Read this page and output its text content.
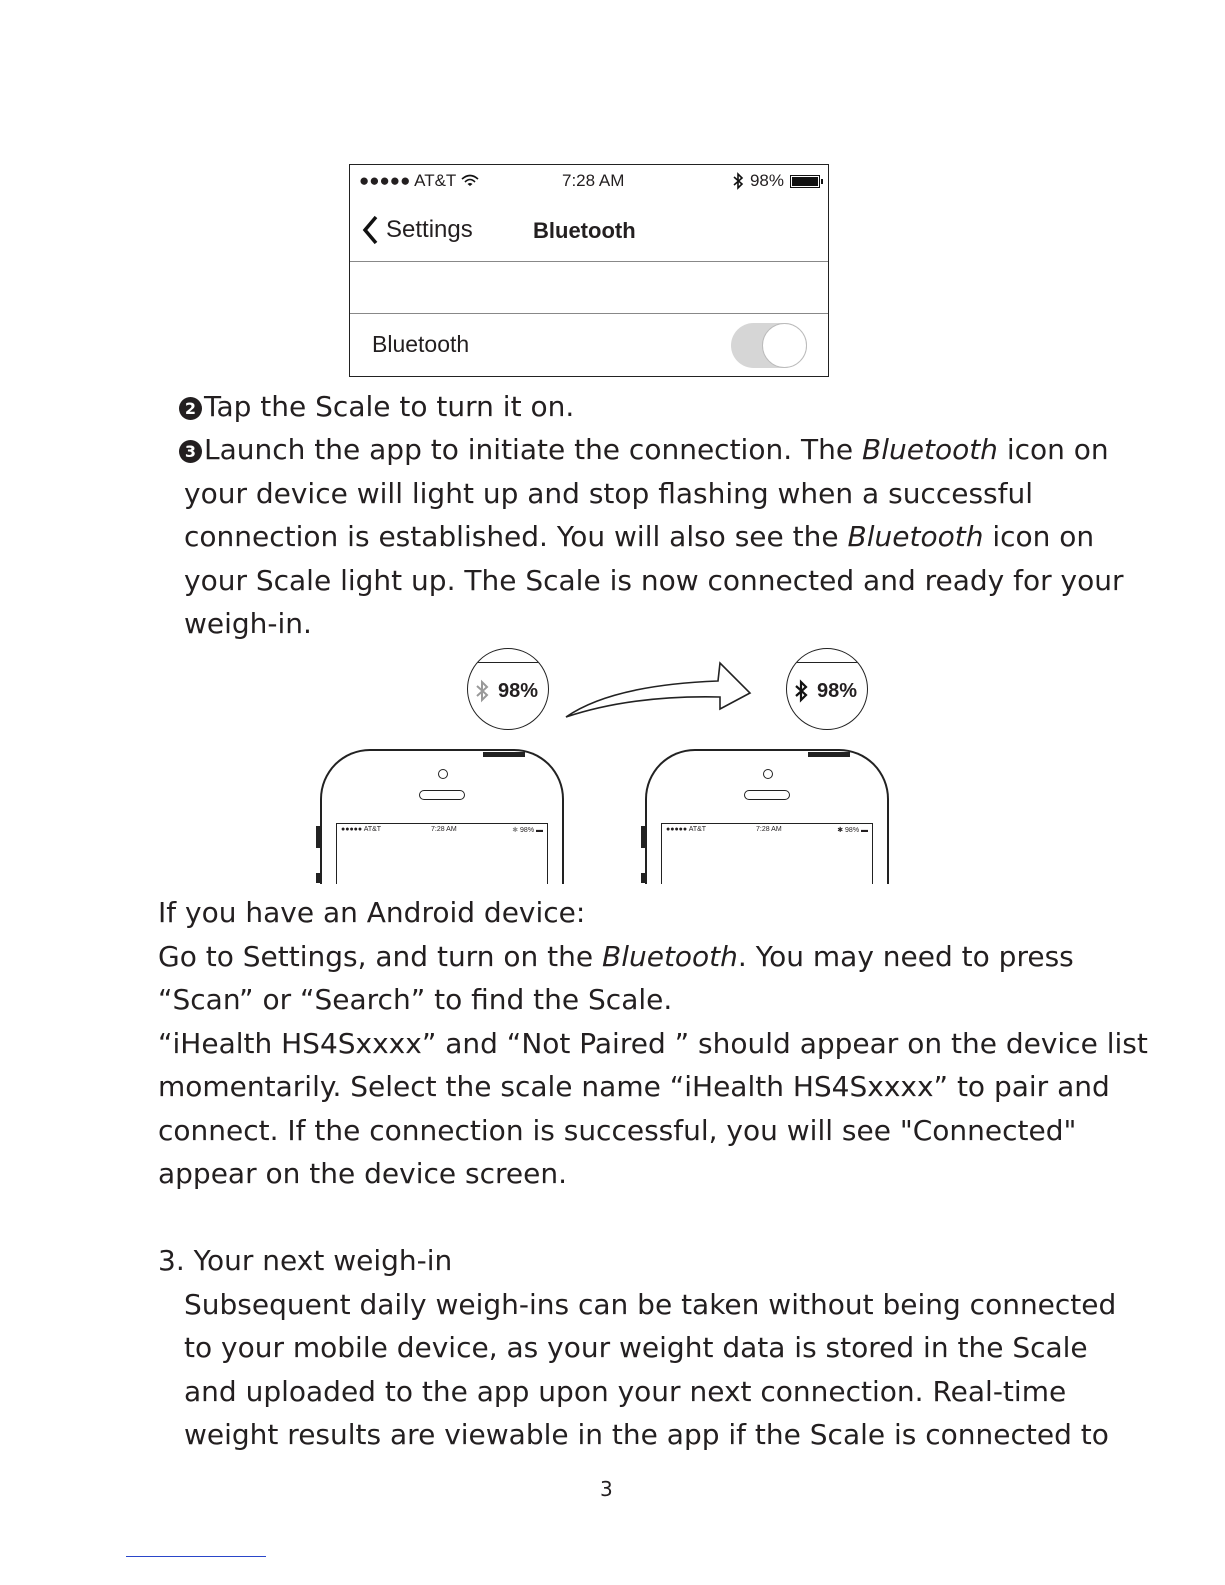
●●●●● AT&T	7:28 AM	98%
Settings	Bluetooth
Bluetooth
2 Tap the Scale to turn it on.
3 Launch the app to initiate the connection. The Bluetooth icon on
your device will light up and stop flashing when a successful
connection is established. You will also see the Bluetooth icon on
your Scale light up. The Scale is now connected and ready for your
weigh-in.
98%	98%
●●●●● AT&T	7:28 AM	✱ 98% ▬	●●●●● AT&T	7:28 AM	✱ 98% ▬
If you have an Android device:
Go to Settings, and turn on the Bluetooth. You may need to press
“Scan” or “Search” to find the Scale.
“iHealth HS4Sxxxx” and “Not Paired ” should appear on the device list
momentarily. Select the scale name “iHealth HS4Sxxxx” to pair and
connect. If the connection is successful, you will see "Connected"
appear on the device screen.
3. Your next weigh-in
Subsequent daily weigh-ins can be taken without being connected
to your mobile device, as your weight data is stored in the Scale
and uploaded to the app upon your next connection. Real-time
weight results are viewable in the app if the Scale is connected to
3
